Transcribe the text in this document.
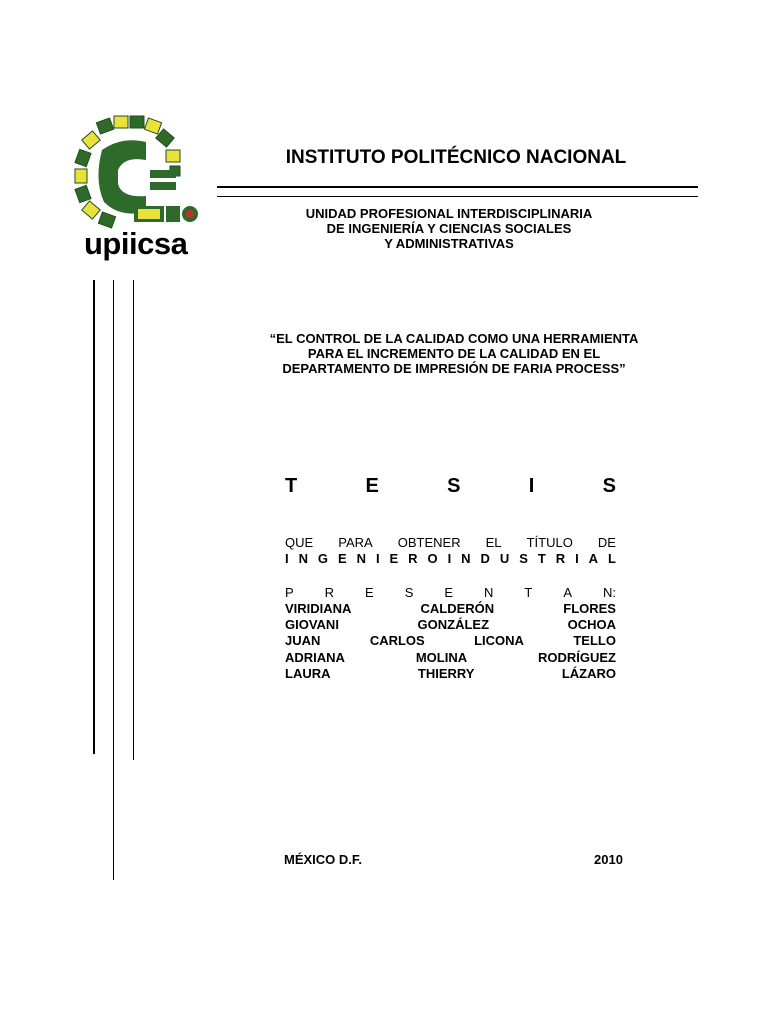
upiicsa
INSTITUTO POLITÉCNICO NACIONAL
UNIDAD PROFESIONAL INTERDISCIPLINARIA
DE INGENIERÍA Y CIENCIAS SOCIALES
Y ADMINISTRATIVAS
“EL CONTROL DE LA CALIDAD COMO UNA HERRAMIENTA
PARA EL INCREMENTO DE LA CALIDAD EN EL
DEPARTAMENTO DE IMPRESIÓN DE FARIA PROCESS”
T	E	S	I	S
QUE PARA OBTENER EL TÍTULO DE
I N G E N I E R O I N D U S T R I A L
P R E S E N T A N:
VIRIDIANA	CALDERÓN	FLORES
GIOVANI	GONZÁLEZ	OCHOA
JUAN	CARLOS	LICONA	TELLO
ADRIANA	MOLINA	RODRÍGUEZ
LAURA	THIERRY	LÁZARO
MÉXICO D.F.	2010
